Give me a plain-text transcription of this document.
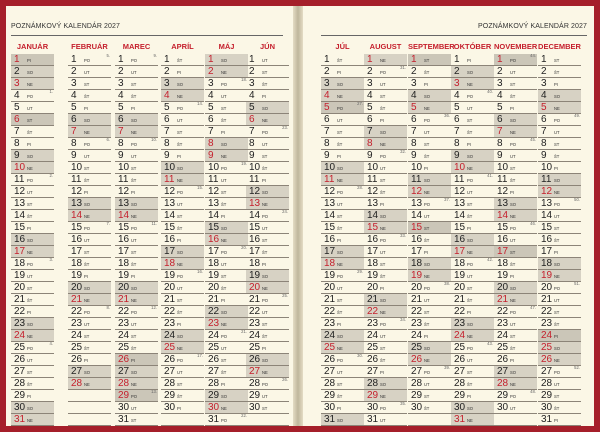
POZNÁMKOVÝ KALENDÁR 2027
JANUÁR
1 PI
2 SO
3 NE
4 PO
1.
5 UT
6 ST
7 ŠT
8 PI
9 SO
10 NE
11 PO
2.
12 UT
13 ST
14 ŠT
15 PI
16 SO
17 NE
18 PO
3.
19 UT
20 ST
21 ŠT
22 PI
23 SO
24 NE
25 PO
4.
26 UT
27 ST
28 ŠT
29 PI
30 SO
31 NE
FEBRUÁR
1 PO
5.
2 UT
3 ST
4 ŠT
5 PI
6 SO
7 NE
8 PO
6.
9 UT
10 ST
11 ŠT
12 PI
13 SO
14 NE
15 PO
7.
16 UT
17 ST
18 ŠT
19 PI
20 SO
21 NE
22 PO
8.
23 UT
24 ST
25 ŠT
26 PI
27 SO
28 NE
MAREC
1 PO
9.
2 UT
3 ST
4 ŠT
5 PI
6 SO
7 NE
8 PO
10.
9 UT
10 ST
11 ŠT
12 PI
13 SO
14 NE
15 PO
11.
16 UT
17 ST
18 ŠT
19 PI
20 SO
21 NE
22 PO
12.
23 UT
24 ST
25 ŠT
26 PI
27 SO
28 NE
29 PO
13.
30 UT
31 ST
APRÍL
1 ŠT
2 PI
3 SO
4 NE
5 PO
14.
6 UT
7 ST
8 ŠT
9 PI
10 SO
11 NE
12 PO
15.
13 UT
14 ST
15 ŠT
16 PI
17 SO
18 NE
19 PO
16.
20 UT
21 ST
22 ŠT
23 PI
24 SO
25 NE
26 PO
17.
27 UT
28 ST
29 ŠT
30 PI
MÁJ
1 SO
2 NE
3 PO
18.
4 UT
5 ST
6 ŠT
7 PI
8 SO
9 NE
10 PO
19.
11 UT
12 ST
13 ŠT
14 PI
15 SO
16 NE
17 PO
20.
18 UT
19 ST
20 ŠT
21 PI
22 SO
23 NE
24 PO
21.
25 UT
26 ST
27 ŠT
28 PI
29 SO
30 NE
31 PO
22.
JÚN
1 UT
2 ST
3 ŠT
4 PI
5 SO
6 NE
7 PO
23.
8 UT
9 ST
10 ŠT
11 PI
12 SO
13 NE
14 PO
24.
15 UT
16 ST
17 ŠT
18 PI
19 SO
20 NE
21 PO
25.
22 UT
23 ST
24 ŠT
25 PI
26 SO
27 NE
28 PO
26.
29 UT
30 ST
POZNÁMKOVÝ KALENDÁR 2027
JÚL
1 ŠT
2 PI
3 SO
4 NE
5 PO
27.
6 UT
7 ST
8 ŠT
9 PI
10 SO
11 NE
12 PO
28.
13 UT
14 ST
15 ŠT
16 PI
17 SO
18 NE
19 PO
29.
20 UT
21 ST
22 ŠT
23 PI
24 SO
25 NE
26 PO
30.
27 UT
28 ST
29 ŠT
30 PI
31 SO
AUGUST
1 NE
2 PO
31.
3 UT
4 ST
5 ŠT
6 PI
7 SO
8 NE
9 PO
32.
10 UT
11 ST
12 ŠT
13 PI
14 SO
15 NE
16 PO
33.
17 UT
18 ST
19 ŠT
20 PI
21 SO
22 NE
23 PO
34.
24 UT
25 ST
26 ŠT
27 PI
28 SO
29 NE
30 PO
35.
31 UT
SEPTEMBER
1 ST
2 ŠT
3 PI
4 SO
5 NE
6 PO
36.
7 UT
8 ST
9 ŠT
10 PI
11 SO
12 NE
13 PO
37.
14 UT
15 ST
16 ŠT
17 PI
18 SO
19 NE
20 PO
38.
21 UT
22 ST
23 ŠT
24 PI
25 SO
26 NE
27 PO
39.
28 UT
29 ST
30 ŠT
OKTÓBER
1 PI
2 SO
3 NE
4 PO
40.
5 UT
6 ST
7 ŠT
8 PI
9 SO
10 NE
11 PO
41.
12 UT
13 ST
14 ŠT
15 PI
16 SO
17 NE
18 PO
42.
19 UT
20 ST
21 ŠT
22 PI
23 SO
24 NE
25 PO
43.
26 UT
27 ST
28 ŠT
29 PI
30 SO
31 NE
NOVEMBER
1 PO
44.
2 UT
3 ST
4 ŠT
5 PI
6 SO
7 NE
8 PO
45.
9 UT
10 ST
11 ŠT
12 PI
13 SO
14 NE
15 PO
46.
16 UT
17 ST
18 ŠT
19 PI
20 SO
21 NE
22 PO
47.
23 UT
24 ST
25 ŠT
26 PI
27 SO
28 NE
29 PO
48.
30 UT
DECEMBER
1 ST
2 ŠT
3 PI
4 SO
5 NE
6 PO
49.
7 UT
8 ST
9 ŠT
10 PI
11 SO
12 NE
13 PO
50.
14 UT
15 ST
16 ŠT
17 PI
18 SO
19 NE
20 PO
51.
21 UT
22 ST
23 ŠT
24 PI
25 SO
26 NE
27 PO
52.
28 UT
29 ST
30 ŠT
31 PI
